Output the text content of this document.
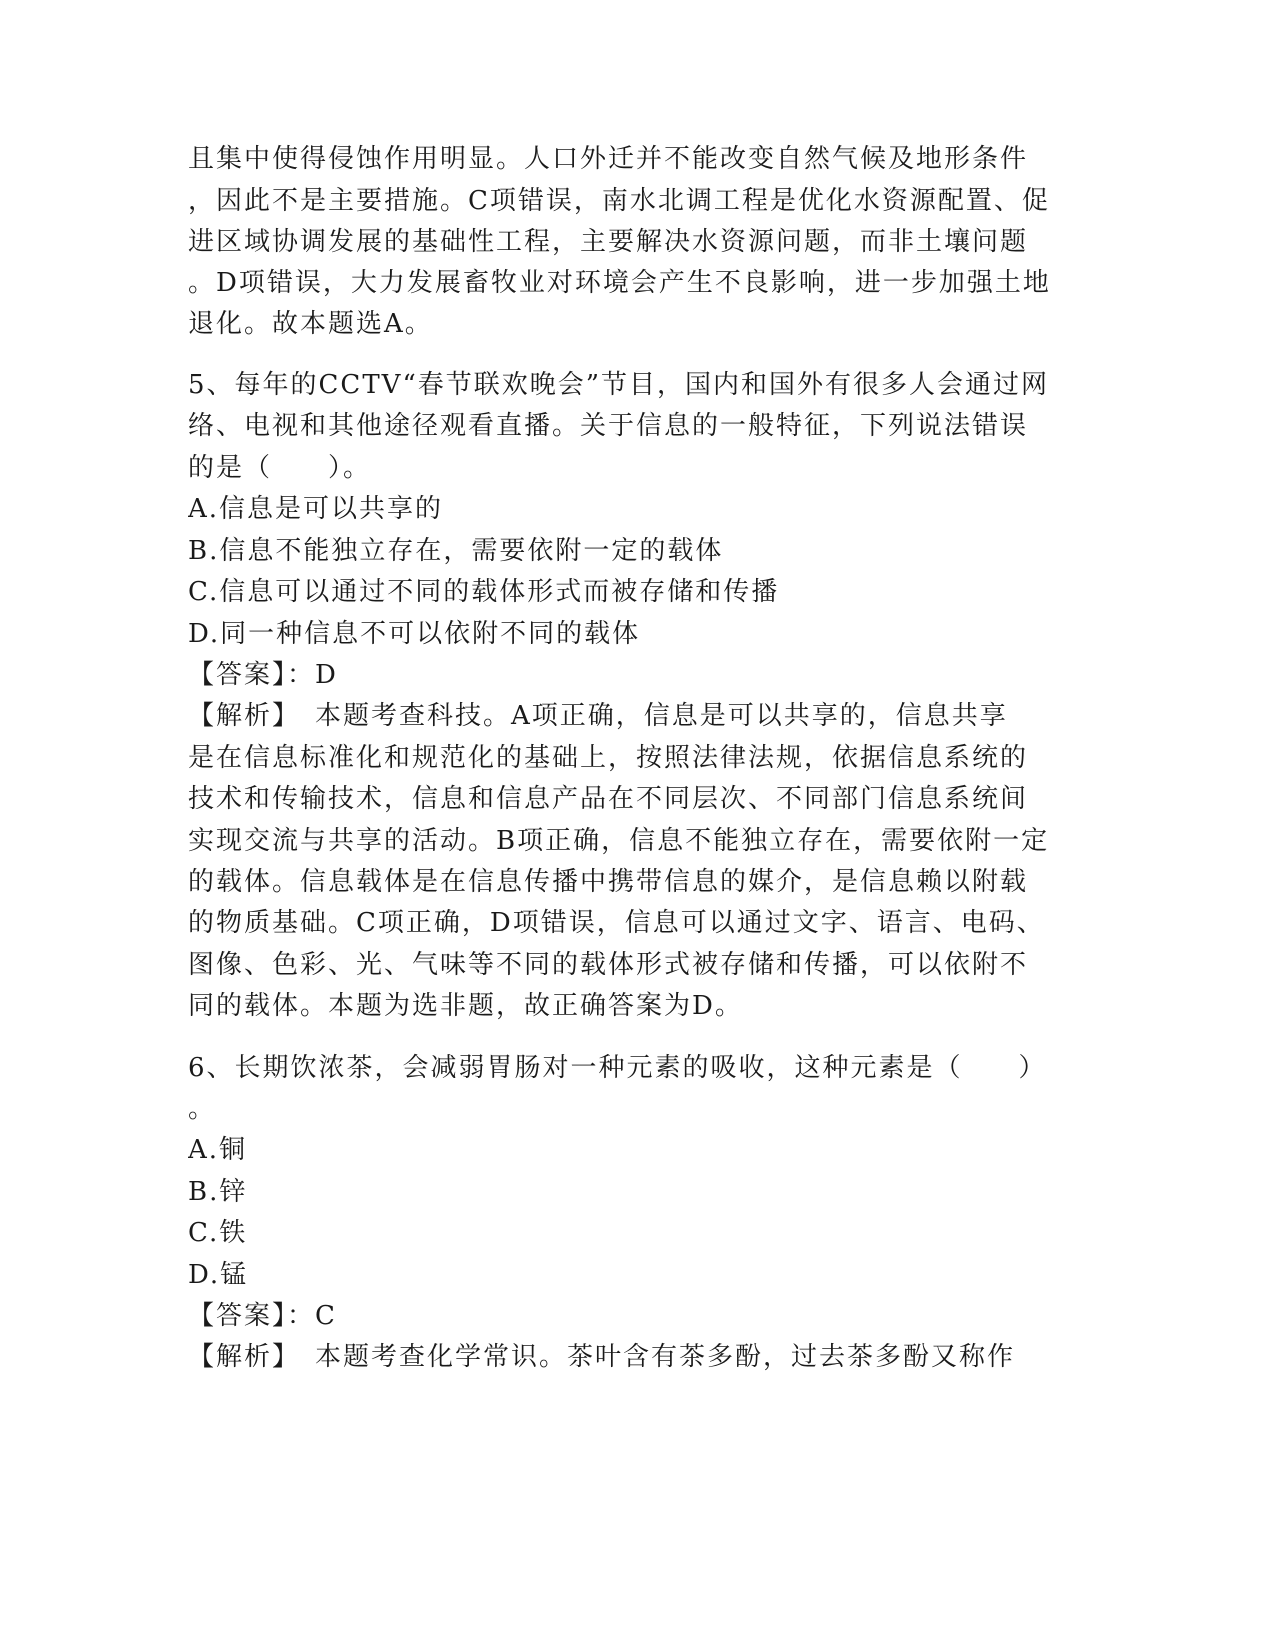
且集中使得侵蚀作用明显。人口外迁并不能改变自然气候及地形条件
，因此不是主要措施。C项错误，南水北调工程是优化水资源配置、促
进区域协调发展的基础性工程，主要解决水资源问题，而非土壤问题
。D项错误，大力发展畜牧业对环境会产生不良影响，进一步加强土地
退化。故本题选A。
5、每年的CCTV“春节联欢晚会”节目，国内和国外有很多人会通过网
络、电视和其他途径观看直播。关于信息的一般特征，下列说法错误
的是（　　）。
A.信息是可以共享的
B.信息不能独立存在，需要依附一定的载体
C.信息可以通过不同的载体形式而被存储和传播
D.同一种信息不可以依附不同的载体
【答案】：D
【解析】　本题考查科技。A项正确，信息是可以共享的，信息共享
是在信息标准化和规范化的基础上，按照法律法规，依据信息系统的
技术和传输技术，信息和信息产品在不同层次、不同部门信息系统间
实现交流与共享的活动。B项正确，信息不能独立存在，需要依附一定
的载体。信息载体是在信息传播中携带信息的媒介，是信息赖以附载
的物质基础。C项正确，D项错误，信息可以通过文字、语言、电码、
图像、色彩、光、气味等不同的载体形式被存储和传播，可以依附不
同的载体。本题为选非题，故正确答案为D。
6、长期饮浓茶，会减弱胃肠对一种元素的吸收，这种元素是（　　）
。
A.铜
B.锌
C.铁
D.锰
【答案】：C
【解析】　本题考查化学常识。茶叶含有茶多酚，过去茶多酚又称作
